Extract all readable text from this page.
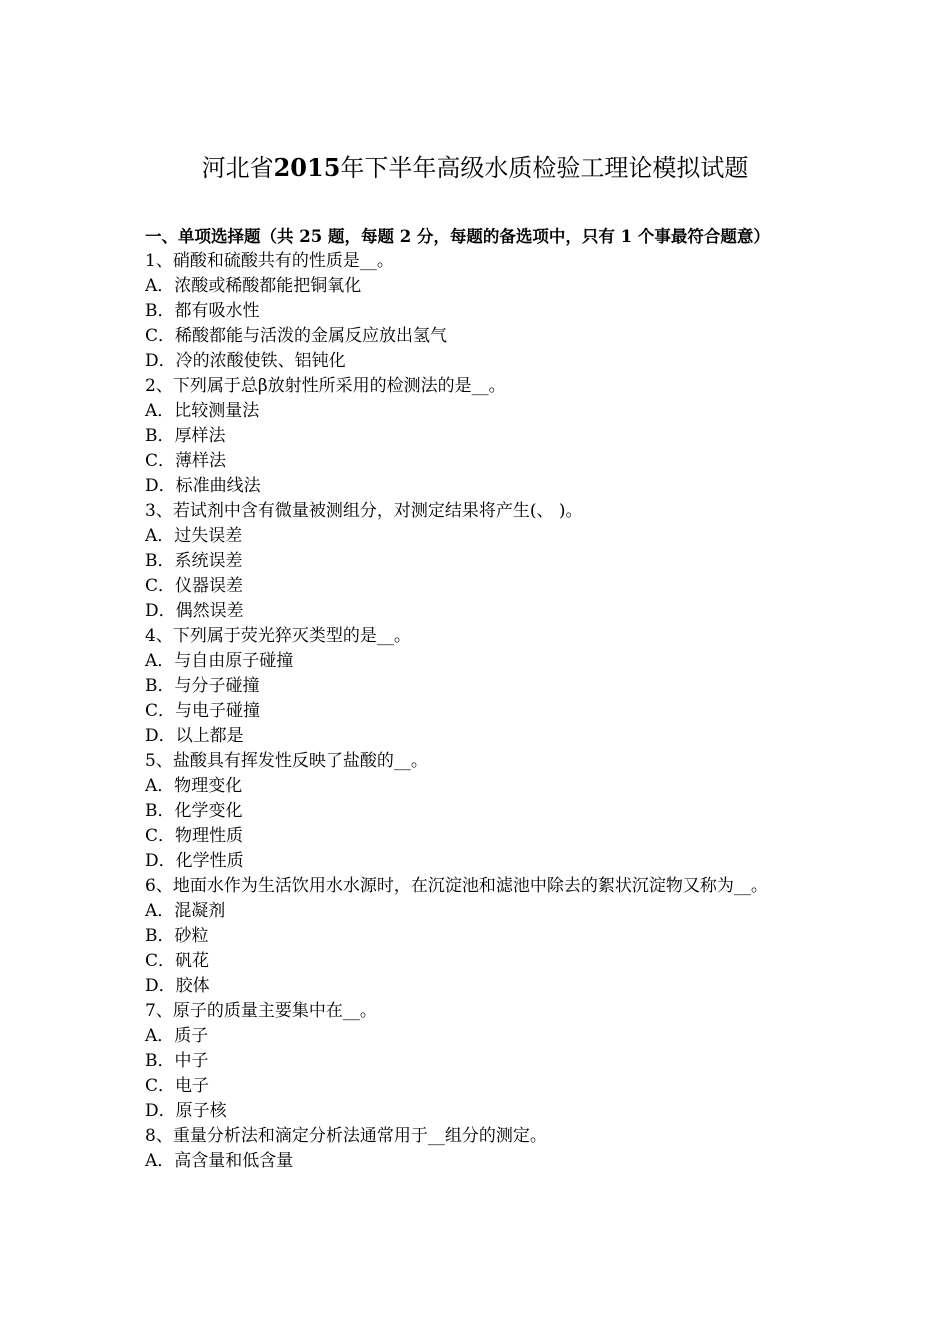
河北省2015年下半年高级水质检验工理论模拟试题

一、单项选择题（共 25 题，每题 2 分，每题的备选项中，只有 1 个事最符合题意）

1、硝酸和硫酸共有的性质是__。

A．浓酸或稀酸都能把铜氧化

B．都有吸水性

C．稀酸都能与活泼的金属反应放出氢气

D．冷的浓酸使铁、铝钝化

2、下列属于总β放射性所采用的检测法的是__。

A．比较测量法

B．厚样法

C．薄样法

D．标准曲线法

3、若试剂中含有微量被测组分，对测定结果将产生(、 )。

A．过失误差

B．系统误差

C．仪器误差

D．偶然误差

4、下列属于荧光猝灭类型的是__。

A．与自由原子碰撞

B．与分子碰撞

C．与电子碰撞

D．以上都是

5、盐酸具有挥发性反映了盐酸的__。

A．物理变化

B．化学变化

C．物理性质

D．化学性质

6、地面水作为生活饮用水水源时，在沉淀池和滤池中除去的絮状沉淀物又称为__。

A．混凝剂

B．砂粒

C．矾花

D．胶体

7、原子的质量主要集中在__。

A．质子

B．中子

C．电子

D．原子核

8、重量分析法和滴定分析法通常用于__组分的测定。

A．高含量和低含量
